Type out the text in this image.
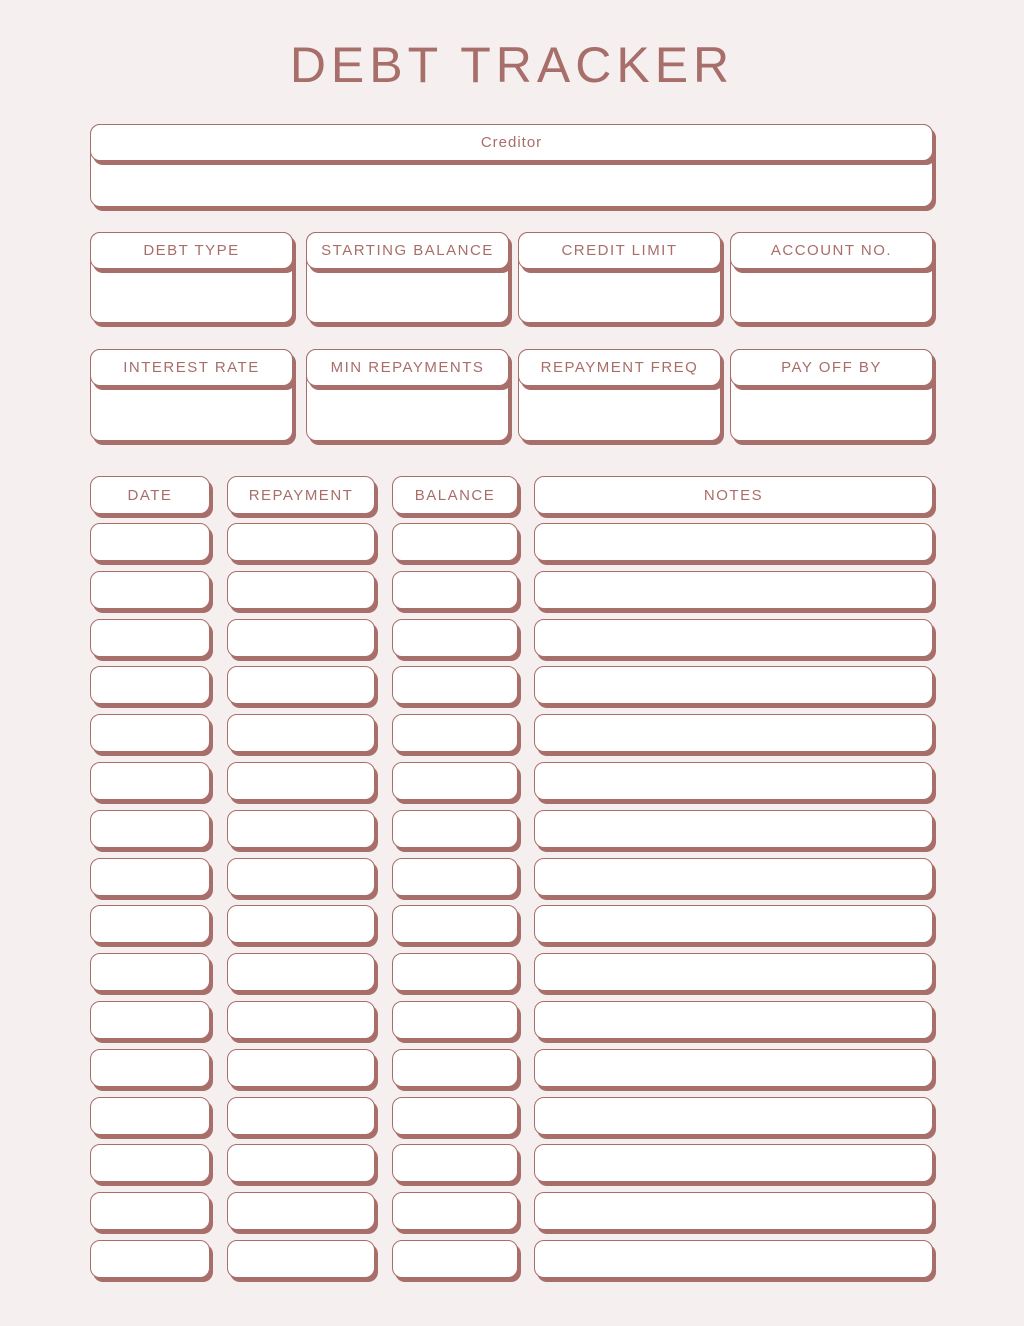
DEBT TRACKER
Creditor
DEBT TYPE	STARTING BALANCE	CREDIT LIMIT	ACCOUNT NO.
INTEREST RATE	MIN REPAYMENTS	REPAYMENT FREQ	PAY OFF BY
DATE	REPAYMENT	BALANCE	NOTES
